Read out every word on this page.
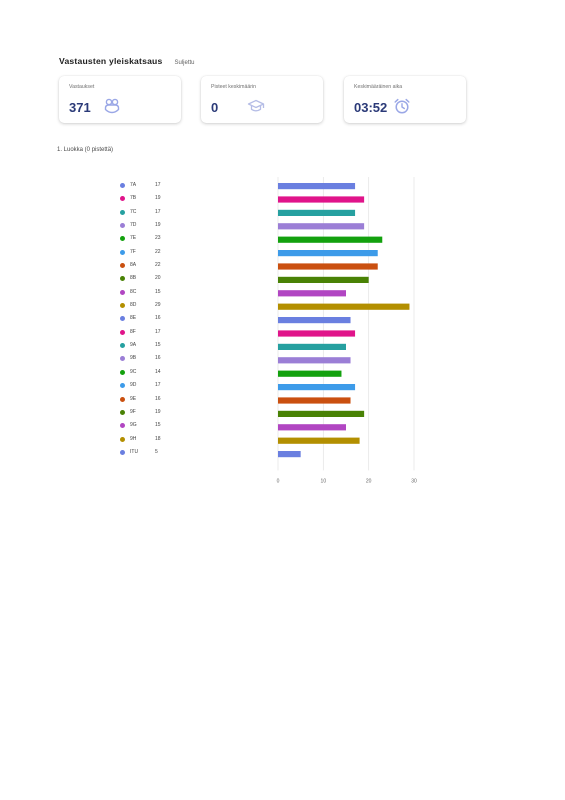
Vastausten yleiskatsaus Suljettu
Vastaukset
371
Pisteet keskimäärin
0
Keskimääräinen aika
03:52
1. Luokka (0 pistettä)
7A	17
7B	19
7C	17
7D	19
7E	23
7F	22
8A	22
8B	20
8C	15
8D	29
8E	16
8F	17
9A	15
9B	16
9C	14
9D	17
9E	16
9F	19
9G	15
9H	18
ITU	5
0	10	20	30
